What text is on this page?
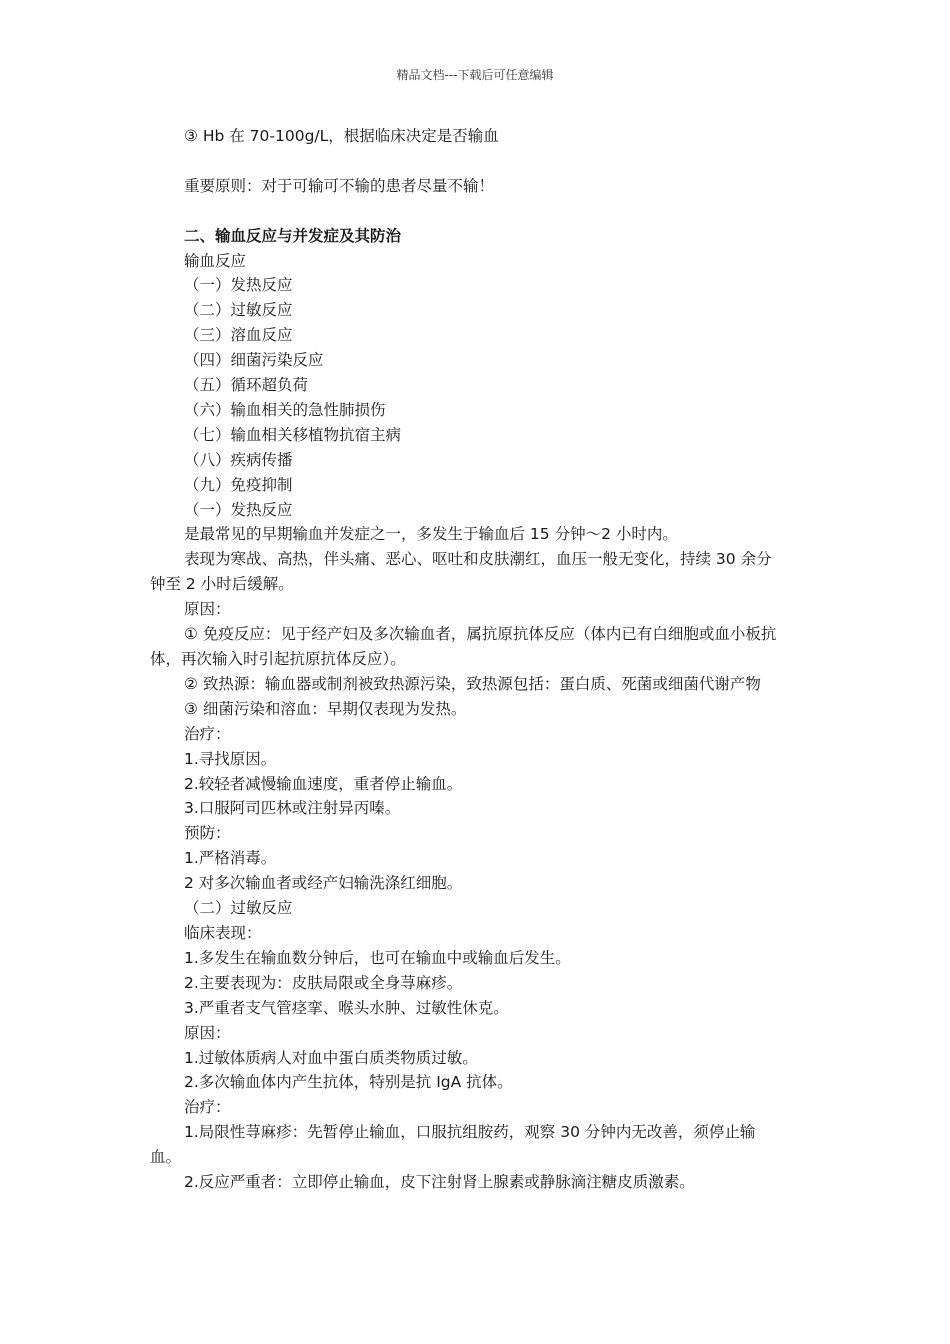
精品文档---下载后可任意编辑
③ Hb 在 70-100g/L，根据临床决定是否输血
重要原则：对于可输可不输的患者尽量不输！
二、输血反应与并发症及其防治
输血反应
（一）发热反应
（二）过敏反应
（三）溶血反应
（四）细菌污染反应
（五）循环超负荷
（六）输血相关的急性肺损伤
（七）输血相关移植物抗宿主病
（八）疾病传播
（九）免疫抑制
（一）发热反应
是最常见的早期输血并发症之一，多发生于输血后 15 分钟～2 小时内。
表现为寒战、高热，伴头痛、恶心、呕吐和皮肤潮红，血压一般无变化，持续 30 余分钟至 2 小时后缓解。
原因：
① 免疫反应：见于经产妇及多次输血者，属抗原抗体反应（体内已有白细胞或血小板抗体，再次输入时引起抗原抗体反应）。
② 致热源：输血器或制剂被致热源污染，致热源包括：蛋白质、死菌或细菌代谢产物
③ 细菌污染和溶血：早期仅表现为发热。
治疗：
1.寻找原因。
2.较轻者减慢输血速度，重者停止输血。
3.口服阿司匹林或注射异丙嗪。
预防：
1.严格消毒。
2 对多次输血者或经产妇输洗涤红细胞。
（二）过敏反应
临床表现：
1.多发生在输血数分钟后，也可在输血中或输血后发生。
2.主要表现为：皮肤局限或全身荨麻疹。
3.严重者支气管痉挛、喉头水肿、过敏性休克。
原因：
1.过敏体质病人对血中蛋白质类物质过敏。
2.多次输血体内产生抗体，特别是抗 IgA 抗体。
治疗：
1.局限性荨麻疹：先暂停止输血，口服抗组胺药，观察 30 分钟内无改善，须停止输血。
2.反应严重者：立即停止输血，皮下注射肾上腺素或静脉滴注糖皮质激素。
